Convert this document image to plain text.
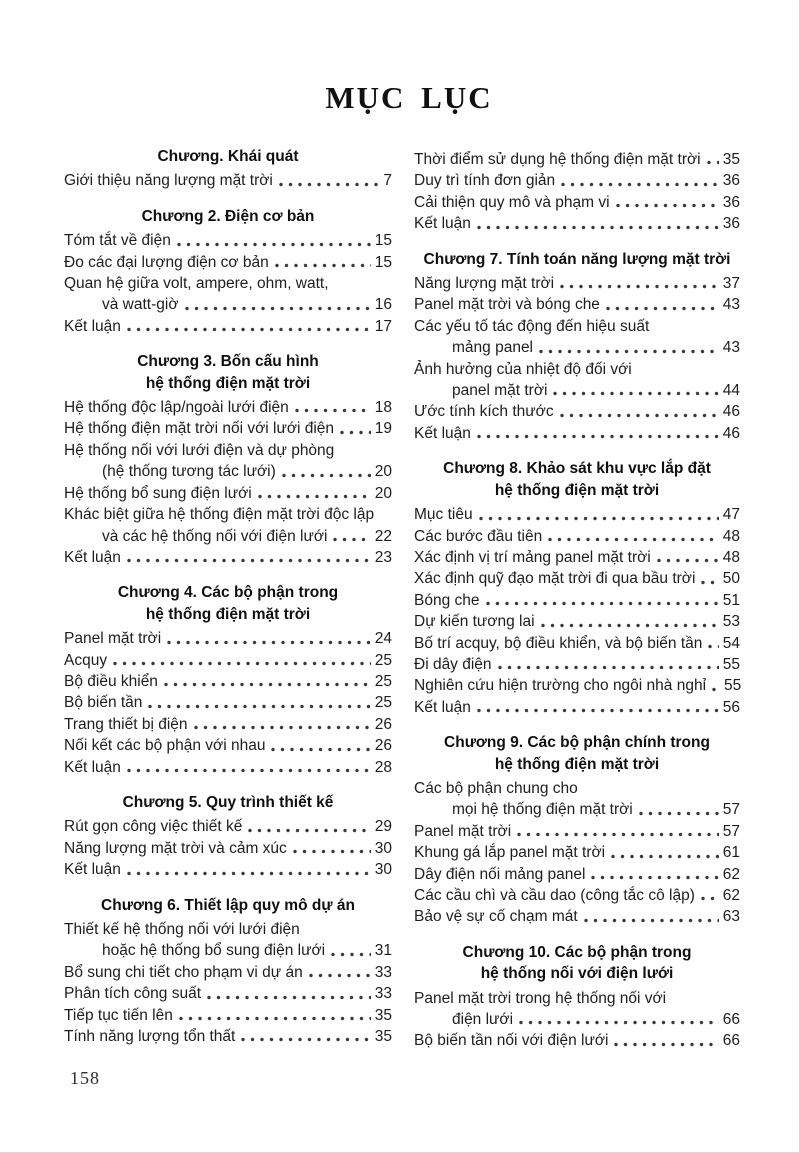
MỤC LỤC
Chương. Khái quát
Giới thiệu năng lượng mặt trời	7
Chương 2. Điện cơ bản
Tóm tắt về điện	15
Đo các đại lượng điện cơ bản	15
Quan hệ giữa volt, ampere, ohm, watt,
và watt-giờ	16
Kết luận	17
Chương 3. Bốn cấu hình
hệ thống điện mặt trời
Hệ thống độc lập/ngoài lưới điện	18
Hệ thống điện mặt trời nối với lưới điện	19
Hệ thống nối với lưới điện và dự phòng
(hệ thống tương tác lưới)	20
Hệ thống bổ sung điện lưới	20
Khác biệt giữa hệ thống điện mặt trời độc lập
và các hệ thống nối với điện lưới	22
Kết luận	23
Chương 4. Các bộ phận trong
hệ thống điện mặt trời
Panel mặt trời	24
Acquy	25
Bộ điều khiển	25
Bộ biến tần	25
Trang thiết bị điện	26
Nối kết các bộ phận với nhau	26
Kết luận	28
Chương 5. Quy trình thiết kế
Rút gọn công việc thiết kế	29
Năng lượng mặt trời và cảm xúc	30
Kết luận	30
Chương 6. Thiết lập quy mô dự án
Thiết kế hệ thống nối với lưới điện
hoặc hệ thống bổ sung điện lưới	31
Bổ sung chi tiết cho phạm vi dự án	33
Phân tích công suất	33
Tiếp tục tiến lên	35
Tính năng lượng tổn thất	35
Thời điểm sử dụng hệ thống điện mặt trời 35
Duy trì tính đơn giản	36
Cải thiện quy mô và phạm vi	36
Kết luận	36
Chương 7. Tính toán năng lượng mặt trời
Năng lượng mặt trời	37
Panel mặt trời và bóng che	43
Các yếu tố tác động đến hiệu suất
mảng panel	43
Ảnh hưởng của nhiệt độ đối với
panel mặt trời	44
Ước tính kích thước	46
Kết luận	46
Chương 8. Khảo sát khu vực lắp đặt
hệ thống điện mặt trời
Mục tiêu	47
Các bước đầu tiên	48
Xác định vị trí mảng panel mặt trời	48
Xác định quỹ đạo mặt trời đi qua bầu trời 50
Bóng che	51
Dự kiến tương lai	53
Bố trí acquy, bộ điều khiển, và bộ biến tần 54
Đi dây điện	55
Nghiên cứu hiện trường cho ngôi nhà nghỉ 55
Kết luận	56
Chương 9. Các bộ phận chính trong
hệ thống điện mặt trời
Các bộ phận chung cho
mọi hệ thống điện mặt trời	57
Panel mặt trời	57
Khung gá lắp panel mặt trời	61
Dây điện nối mảng panel	62
Các cầu chì và cầu dao (công tắc cô lập) 62
Bảo vệ sự cố chạm mát	63
Chương 10. Các bộ phận trong
hệ thống nối với điện lưới
Panel mặt trời trong hệ thống nối với
điện lưới	66
Bộ biến tần nối với điện lưới	66
158
